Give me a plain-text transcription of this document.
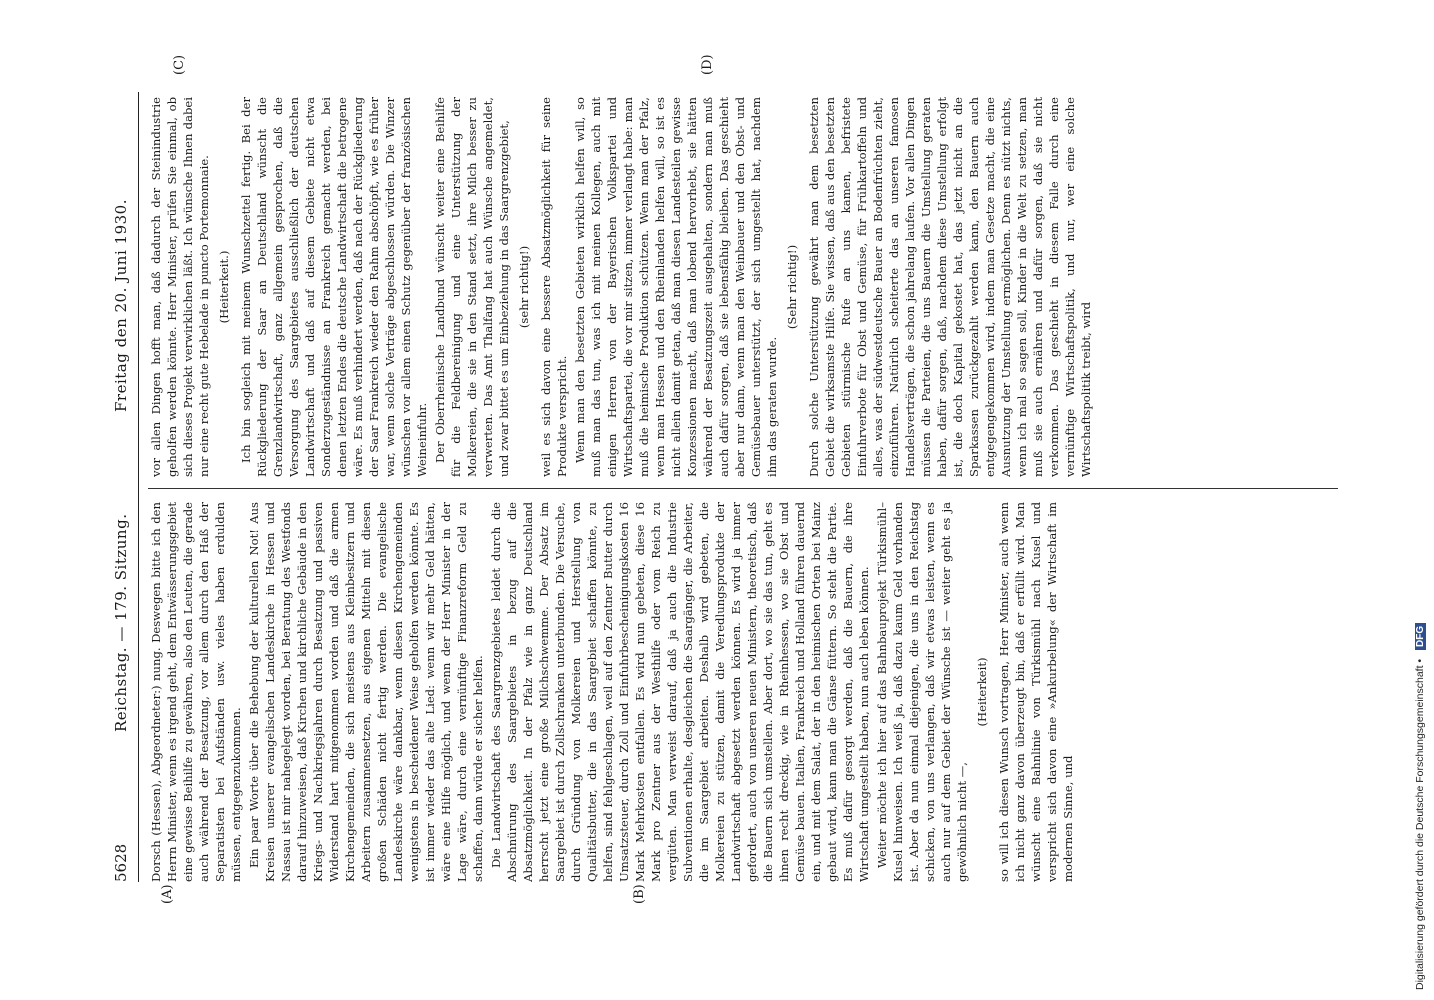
5628
Reichstag. — 179. Sitzung.
Freitag den 20. Juni 1930.

Dorsch (Hessen), Abgeordneter:) nung. Deswegen bitte ich den Herrn Minister, wenn es irgend geht, dem Entwässerungsgebiet eine gewisse Beihilfe zu gewähren, also den Leuten, die gerade auch während der Besatzung, vor allem durch den Haß der Separatisten bei Aufständen usw. vieles haben erdulden müssen, entgegenzukommen. Ein paar Worte über die Behebung der kulturellen Not! Aus Kreisen unserer evangelischen Landeskirche in Hessen und Nassau ist mir nahegelegt worden, bei Beratung des Westfonds darauf hinzuweisen, daß Kirchen und kirchliche Gebäude in den Kriegs- und Nachkriegsjahren durch Besatzung und passiven Widerstand hart mitgenommen worden und daß die armen Kirchengemeinden, die sich meistens aus Kleinbesitzern und Arbeitern zusammensetzen, aus eigenen Mitteln mit diesen großen Schäden nicht fertig werden. Die evangelische Landeskirche wäre dankbar, wenn diesen Kirchengemeinden wenigstens in bescheidener Weise geholfen werden könnte. Es ist immer wieder das alte Lied: wenn wir mehr Geld hätten, wäre eine Hilfe möglich, und wenn der Herr Minister in der Lage wäre, durch eine vernünftige Finanzreform Geld zu schaffen, dann würde er sicher helfen. Die Landwirtschaft des Saargrenzgebietes leidet durch die Abschnürung des Saargebietes in bezug auf die Absatzmöglichkeit. In der Pfalz wie in ganz Deutschland herrscht jetzt eine große Milchschwemme. Der Absatz im Saargebiet ist durch Zollschranken unterbunden. Die Versuche, durch Gründung von Molkereien und Herstellung von Qualitätsbutter, die in das Saargebiet schaffen könnte, zu helfen, sind fehlgeschlagen, weil auf den Zentner Butter durch Umsatzsteuer, durch Zoll und Einfuhrbescheinigungskosten 16 Mark Mehrkosten entfallen. Es wird nun gebeten, diese 16 Mark pro Zentner aus der Westhilfe oder vom Reich zu vergüten. Man verweist darauf, daß ja auch die Industrie Subventionen erhalte, desgleichen die Saargänger, die Arbeiter, die im Saargebiet arbeiten. Deshalb wird gebeten, die Molkereien zu stützen, damit die Veredlungsprodukte der Landwirtschaft abgesetzt werden können. Es wird ja immer gefordert, auch von unseren neuen Ministern, theoretisch, daß die Bauern sich umstellen. Aber dort, wo sie das tun, geht es ihnen recht dreckig, wie in Rheinhessen, wo sie Obst und Gemüse bauen. Italien, Frankreich und Holland führen dauernd ein, und mit dem Salat, der in den heimischen Orten bei Mainz gebaut wird, kann man die Gänse füttern. So steht die Partie. Es muß dafür gesorgt werden, daß die Bauern, die ihre Wirtschaft umgestellt haben, nun auch leben können. Weiter möchte ich hier auf das Bahnbauprojekt Türkismühl–Kusel hinweisen. Ich weiß ja, daß dazu kaum Geld vorhanden ist. Aber da nun einmal diejenigen, die uns in den Reichstag schicken, von uns verlangen, daß wir etwas leisten, wenn es auch nur auf dem Gebiet der Wünsche ist — weiter geht es ja gewöhnlich nicht —,

(Heiterkeit) so will ich diesen Wunsch vortragen, Herr Minister, auch wenn ich nicht ganz davon überzeugt bin, daß er erfüllt wird. Man wünscht eine Bahnlinie von Türkismühl nach Kusel und verspricht sich davon eine »Ankurbelung« der Wirtschaft im modernen Sinne, und

vor allen Dingen hofft man, daß dadurch der Steinindustrie geholfen werden könnte. Herr Minister, prüfen Sie einmal, ob sich dieses Projekt verwirklichen läßt. Ich wünsche Ihnen dabei nur eine recht gute Hebelade in puncto Portemonnaie. (Heiterkeit.) Ich bin sogleich mit meinem Wunschzettel fertig. Bei der Rückgliederung der Saar an Deutschland wünscht die Grenzlandwirtschaft, ganz allgemein gesprochen, daß die Versorgung des Saargebietes ausschließlich der deutschen Landwirtschaft und daß auf diesem Gebiete nicht etwa Sonderzugeständnisse an Frankreich gemacht werden, bei denen letzten Endes die deutsche Landwirtschaft die betrogene wäre. Es muß verhindert werden, daß nach der Rückgliederung der Saar Frankreich wieder den Rahm abschöpft, wie es früher war, wenn solche Verträge abgeschlossen würden. Die Winzer wünschen vor allem einen Schutz gegenüber der französischen Weineinfuhr. Der Oberrheinische Landbund wünscht weiter eine Beihilfe für die Feldbereinigung und eine Unterstützung der Molkereien, die sie in den Stand setzt, ihre Milch besser zu verwerten. Das Amt Thalfang hat auch Wünsche angemeldet, und zwar bittet es um Einbeziehung in das Saargrenzgebiet, (sehr richtig!) weil es sich davon eine bessere Absatzmöglichkeit für seine Produkte verspricht. Wenn man den besetzten Gebieten wirklich helfen will, so muß man das tun, was ich mit meinen Kollegen, auch mit einigen Herren von der Bayerischen Volkspartei und Wirtschaftspartei, die vor mir sitzen, immer verlangt habe: man muß die heimische Produktion schützen. Wenn man der Pfalz, wenn man Hessen und den Rheinlanden helfen will, so ist es nicht allein damit getan, daß man diesen Landesteilen gewisse Konzessionen macht, daß man lobend hervorhebt, sie hätten während der Besatzungszeit ausgehalten, sondern man muß auch dafür sorgen, daß sie lebensfähig bleiben. Das geschieht aber nur dann, wenn man den Weinbauer und den Obst- und Gemüsebauer unterstützt, der sich umgestellt hat, nachdem ihm das geraten wurde.

(Sehr richtig!) Durch solche Unterstützung gewährt man dem besetzten Gebiet die wirksamste Hilfe. Sie wissen, daß aus den besetzten Gebieten stürmische Rufe an uns kamen, befristete Einfuhrverbote für Obst und Gemüse, für Frühkartoffeln und alles, was der südwestdeutsche Bauer an Bodenfrüchten zieht, einzuführen. Natürlich scheiterte das an unseren famosen Handelsverträgen, die schon jahrelang laufen. Vor allen Dingen müssen die Parteien, die uns Bauern die Umstellung geraten haben, dafür sorgen, daß, nachdem diese Umstellung erfolgt ist, die doch Kapital gekostet hat, das jetzt nicht an die Sparkassen zurückgezahlt werden kann, den Bauern auch entgegengekommen wird, indem man Gesetze macht, die eine Ausnutzung der Umstellung ermöglichen. Denn es nützt nichts, wenn ich mal so sagen soll, Kinder in die Welt zu setzen, man muß sie auch ernähren und dafür sorgen, daß sie nicht verkommen. Das geschieht in diesem Falle durch eine vernünftige Wirtschaftspolitik, und nur, wer eine solche Wirtschaftspolitik treibt, wird

(A)	(B)
(C)	(D)
Digitalisierung gefördert durch die Deutsche Forschungsgemeinschaft • DFG
